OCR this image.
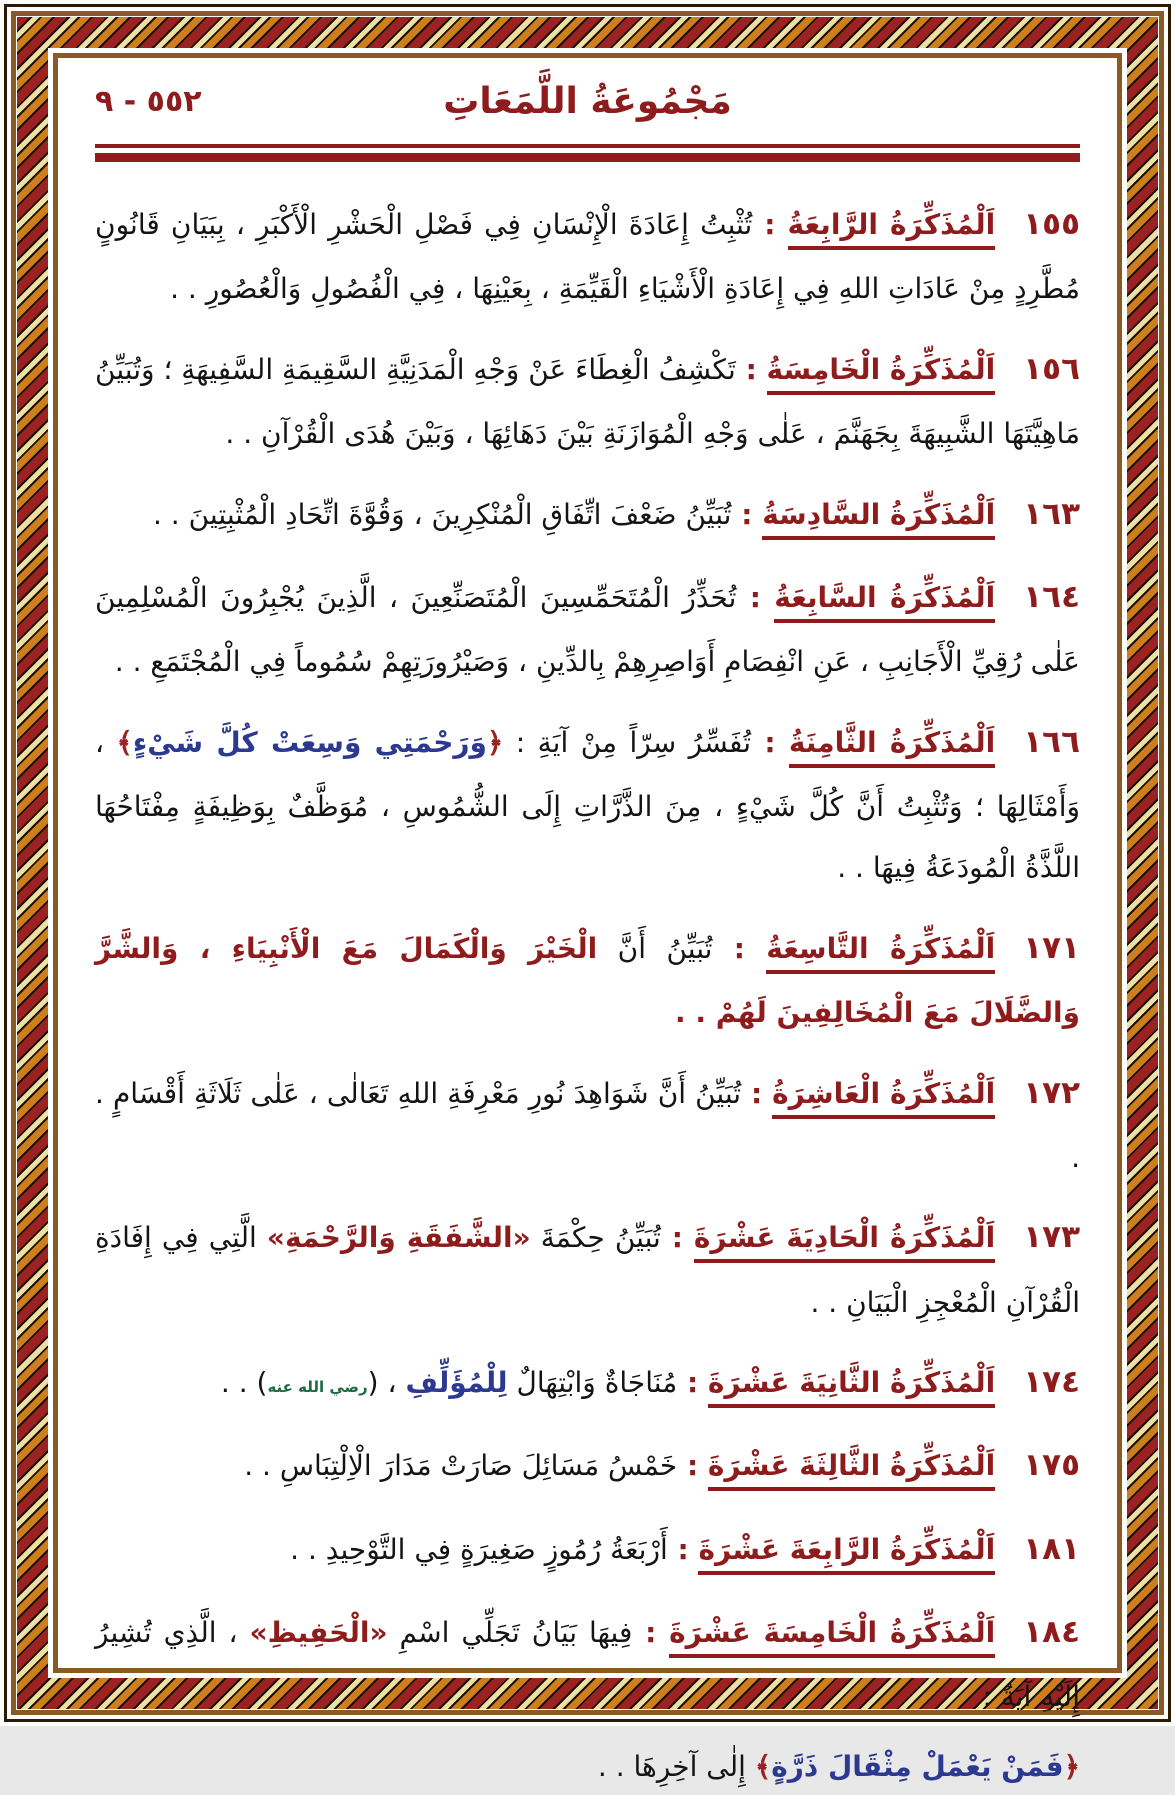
مَجْمُوعَةُ اللَّمَعَاتِ
٥٥٢ - ٩
١٥٥اَلْمُذَكِّرَةُ الرَّابِعَةُ : تُثْبِتُ إِعَادَةَ الْإِنْسَانِ فِي فَصْلِ الْحَشْرِ الْأَكْبَرِ ، بِبَيَانِ قَانُونٍ مُطَّرِدٍ مِنْ عَادَاتِ اللهِ فِي إِعَادَةِ الْأَشْيَاءِ الْقَيِّمَةِ ، بِعَيْنِهَا ، فِي الْفُصُولِ وَالْعُصُورِ . .
١٥٦اَلْمُذَكِّرَةُ الْخَامِسَةُ : تَكْشِفُ الْغِطَاءَ عَنْ وَجْهِ الْمَدَنِيَّةِ السَّقِيمَةِ السَّفِيهَةِ ؛ وَتُبَيِّنُ مَاهِيَّتَهَا الشَّبِيهَةَ بِجَهَنَّمَ ، عَلٰى وَجْهِ الْمُوَازَنَةِ بَيْنَ دَهَائِهَا ، وَبَيْنَ هُدَى الْقُرْآنِ . .
١٦٣اَلْمُذَكِّرَةُ السَّادِسَةُ : تُبَيِّنُ ضَعْفَ اتِّفَاقِ الْمُنْكِرِينَ ، وَقُوَّةَ اتِّحَادِ الْمُثْبِتِينَ . .
١٦٤اَلْمُذَكِّرَةُ السَّابِعَةُ : تُحَذِّرُ الْمُتَحَمِّسِينَ الْمُتَصَنِّعِينَ ، الَّذِينَ يُجْبِرُونَ الْمُسْلِمِينَ عَلٰى رُقِيِّ الْأَجَانِبِ ، عَنِ انْفِصَامِ أَوَاصِرِهِمْ بِالدِّينِ ، وَصَيْرُورَتِهِمْ سُمُوماً فِي الْمُجْتَمَعِ . .
١٦٦اَلْمُذَكِّرَةُ الثَّامِنَةُ : تُفَسِّرُ سِرّاً مِنْ آيَةِ : ﴿وَرَحْمَتِي وَسِعَتْ كُلَّ شَيْءٍ﴾ ، وَأَمْثَالِهَا ؛ وَتُثْبِتُ أَنَّ كُلَّ شَيْءٍ ، مِنَ الذَّرَّاتِ إِلَى الشُّمُوسِ ، مُوَظَّفٌ بِوَظِيفَةٍ مِفْتَاحُهَا اللَّذَّةُ الْمُودَعَةُ فِيهَا . .
١٧١اَلْمُذَكِّرَةُ التَّاسِعَةُ : تُبَيِّنُ أَنَّ الْخَيْرَ وَالْكَمَالَ مَعَ الْأَنْبِيَاءِ ، وَالشَّرَّ وَالضَّلَالَ مَعَ الْمُخَالِفِينَ لَهُمْ . .
١٧٢اَلْمُذَكِّرَةُ الْعَاشِرَةُ : تُبَيِّنُ أَنَّ شَوَاهِدَ نُورِ مَعْرِفَةِ اللهِ تَعَالٰى ، عَلٰى ثَلَاثَةِ أَقْسَامٍ . .
١٧٣اَلْمُذَكِّرَةُ الْحَادِيَةَ عَشْرَةَ : تُبَيِّنُ حِكْمَةَ «الشَّفَقَةِ وَالرَّحْمَةِ» الَّتِي فِي إِفَادَةِ الْقُرْآنِ الْمُعْجِزِ الْبَيَانِ . .
١٧٤اَلْمُذَكِّرَةُ الثَّانِيَةَ عَشْرَةَ : مُنَاجَاةٌ وَابْتِهَالٌ لِلْمُؤَلِّفِ ، (رضي الله عنه) . .
١٧٥اَلْمُذَكِّرَةُ الثَّالِثَةَ عَشْرَةَ : خَمْسُ مَسَائِلَ صَارَتْ مَدَارَ الْاِلْتِبَاسِ . .
١٨١اَلْمُذَكِّرَةُ الرَّابِعَةَ عَشْرَةَ : أَرْبَعَةُ رُمُوزٍ صَغِيرَةٍ فِي التَّوْحِيدِ . .
١٨٤اَلْمُذَكِّرَةُ الْخَامِسَةَ عَشْرَةَ : فِيهَا بَيَانُ تَجَلِّي اسْمِ «الْحَفِيظِ» ، الَّذِي تُشِيرُ إِلَيْهِ آيَةُ :
﴿فَمَنْ يَعْمَلْ مِثْقَالَ ذَرَّةٍ﴾ إِلٰى آخِرِهَا . .
